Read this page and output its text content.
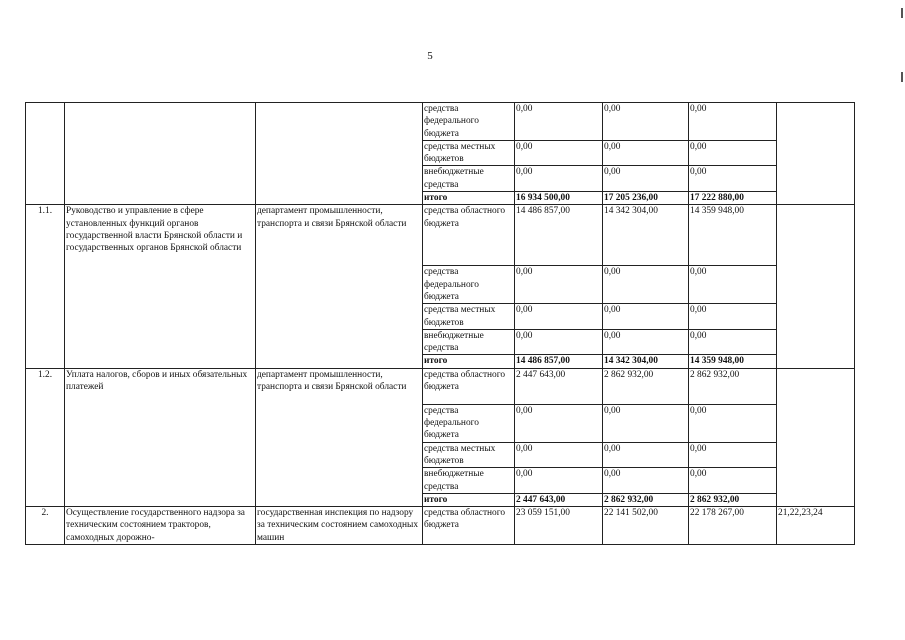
5
			средства федерального бюджета	0,00	0,00	0,00	
			средства местных бюджетов	0,00	0,00	0,00	
			внебюджетные средства	0,00	0,00	0,00	
			итого	16 934 500,00	17 205 236,00	17 222 880,00	
1.1.	Руководство и управление в сфере установленных функций органов государственной власти Брянской области и государственных органов Брянской области	департамент промышленности, транспорта и связи Брянской области	средства областного бюджета	14 486 857,00	14 342 304,00	14 359 948,00	
			средства федерального бюджета	0,00	0,00	0,00	
			средства местных бюджетов	0,00	0,00	0,00	
			внебюджетные средства	0,00	0,00	0,00	
			итого	14 486 857,00	14 342 304,00	14 359 948,00	
1.2.	Уплата налогов, сборов и иных обязательных платежей	департамент промышленности, транспорта и связи Брянской области	средства областного бюджета	2 447 643,00	2 862 932,00	2 862 932,00	
			средства федерального бюджета	0,00	0,00	0,00	
			средства местных бюджетов	0,00	0,00	0,00	
			внебюджетные средства	0,00	0,00	0,00	
			итого	2 447 643,00	2 862 932,00	2 862 932,00	
2.	Осуществление государственного надзора за техническим состоянием тракторов, самоходных дорожно-	государственная инспекция по надзору за техническим состоянием самоходных машин	средства областного бюджета	23 059 151,00	22 141 502,00	22 178 267,00	21,22,23,24
